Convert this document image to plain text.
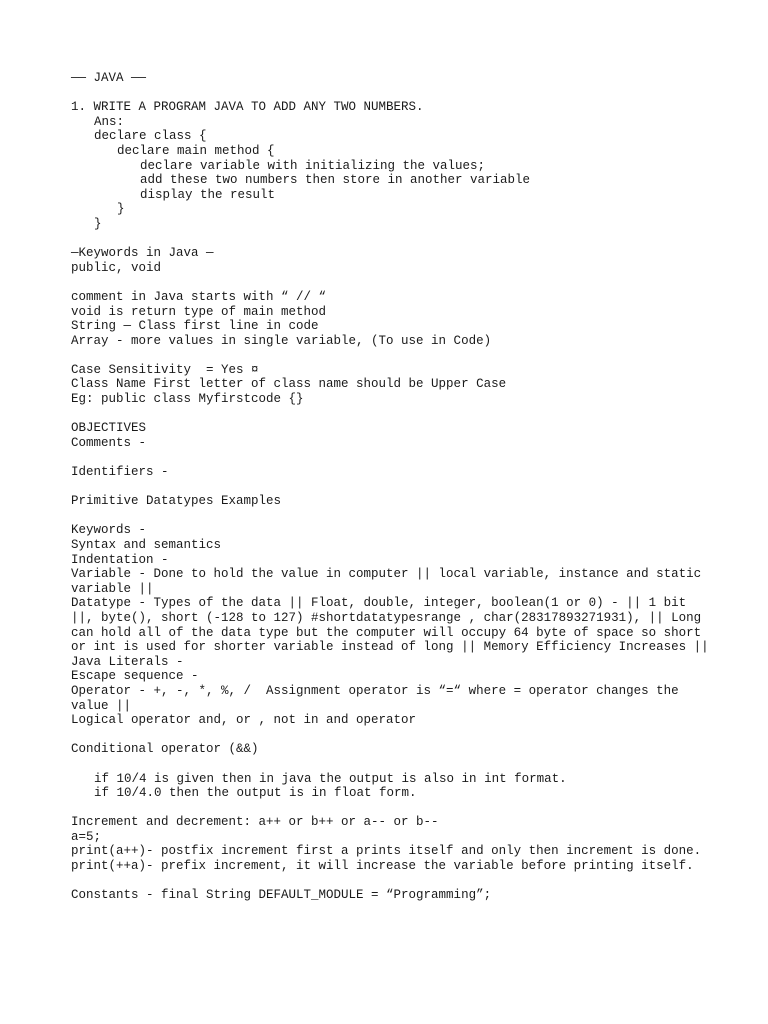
—— JAVA ——
1. WRITE A PROGRAM JAVA TO ADD ANY TWO NUMBERS.
Ans:
declare class {
declare main method {
declare variable with initializing the values;
add these two numbers then store in another variable
display the result
}
}
—Keywords in Java —
public, void
comment in Java starts with “ // “
void is return type of main method
String — Class first line in code
Array - more values in single variable, (To use in Code)
Case Sensitivity  = Yes ¤
Class Name First letter of class name should be Upper Case
Eg: public class Myfirstcode {}
OBJECTIVES
Comments -
Identifiers -
Primitive Datatypes Examples
Keywords -
Syntax and semantics
Indentation -
Variable - Done to hold the value in computer || local variable, instance and static variable ||
Datatype - Types of the data || Float, double, integer, boolean(1 or 0) - || 1 bit ||, byte(), short (-128 to 127) #shortdatatypesrange , char(28317893271931), || Long can hold all of the data type but the computer will occupy 64 byte of space so short or int is used for shorter variable instead of long || Memory Efficiency Increases ||
Java Literals -
Escape sequence -
Operator - +, -, *, %, /  Assignment operator is “=“ where = operator changes the value ||
Logical operator and, or , not in and operator
Conditional operator (&&)
if 10/4 is given then in java the output is also in int format.
if 10/4.0 then the output is in float form.
Increment and decrement: a++ or b++ or a-- or b--
a=5;
print(a++)- postfix increment first a prints itself and only then increment is done.
print(++a)- prefix increment, it will increase the variable before printing itself.
Constants - final String DEFAULT_MODULE = “Programming”;
